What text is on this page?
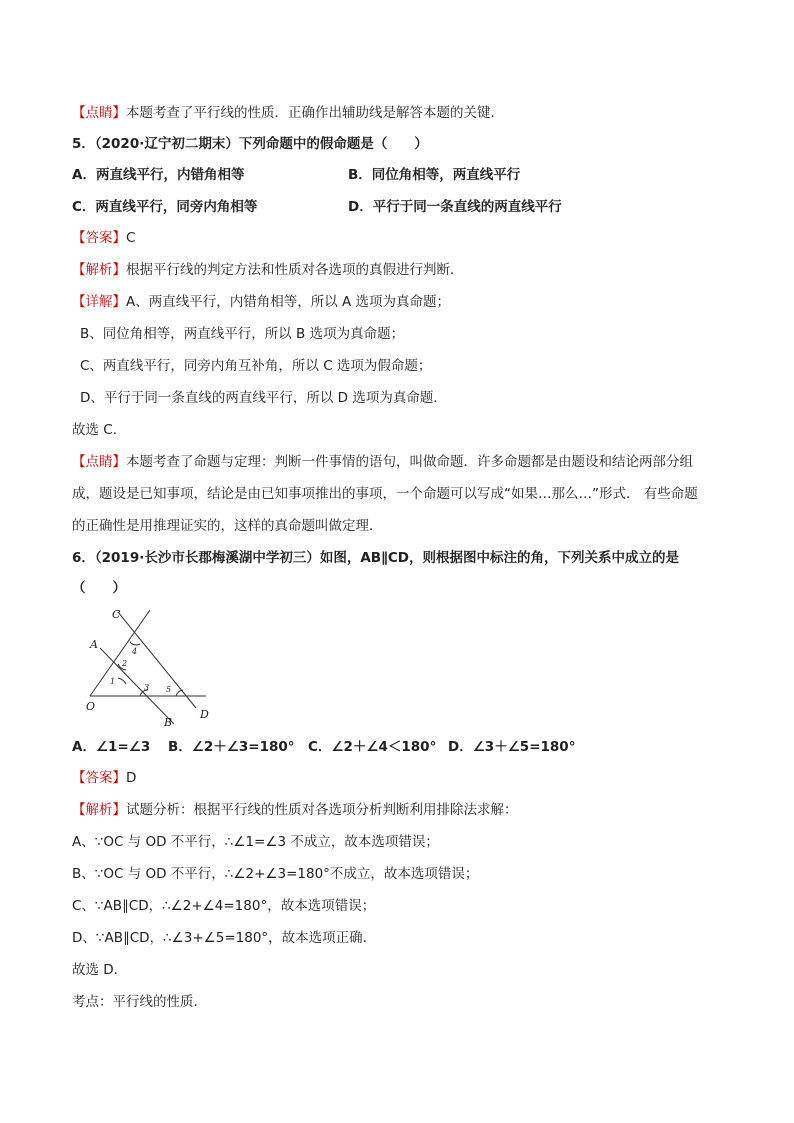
【点睛】本题考查了平行线的性质．正确作出辅助线是解答本题的关键．
5．（2020·辽宁初二期末）下列命题中的假命题是（　　）
A．两直线平行，内错角相等	B．同位角相等，两直线平行
C．两直线平行，同旁内角相等	D．平行于同一条直线的两直线平行
【答案】C
【解析】根据平行线的判定方法和性质对各选项的真假进行判断．
【详解】A、两直线平行，内错角相等，所以 A 选项为真命题；
B、同位角相等，两直线平行，所以 B 选项为真命题；
C、两直线平行，同旁内角互补角，所以 C 选项为假命题；
D、平行于同一条直线的两直线平行，所以 D 选项为真命题．
故选 C．
【点睛】本题考查了命题与定理：判断一件事情的语句，叫做命题．许多命题都是由题设和结论两部分组
成，题设是已知事项，结论是由已知事项推出的事项，一个命题可以写成“如果…那么…”形式． 有些命题
的正确性是用推理证实的，这样的真命题叫做定理．
6．（2019·长沙市长郡梅溪湖中学初三）如图，AB∥CD，则根据图中标注的角，下列关系中成立的是
（　　）
C
A
O
B
D
1
2
3
4
5
A．∠1=∠3 B．∠2＋∠3=180° C．∠2＋∠4＜180° D．∠3＋∠5=180°
【答案】D
【解析】试题分析：根据平行线的性质对各选项分析判断利用排除法求解：
A、∵OC 与 OD 不平行，∴∠1=∠3 不成立，故本选项错误；
B、∵OC 与 OD 不平行，∴∠2+∠3=180°不成立，故本选项错误；
C、∵AB∥CD，∴∠2+∠4=180°，故本选项错误；
D、∵AB∥CD，∴∠3+∠5=180°，故本选项正确．
故选 D．
考点：平行线的性质．
